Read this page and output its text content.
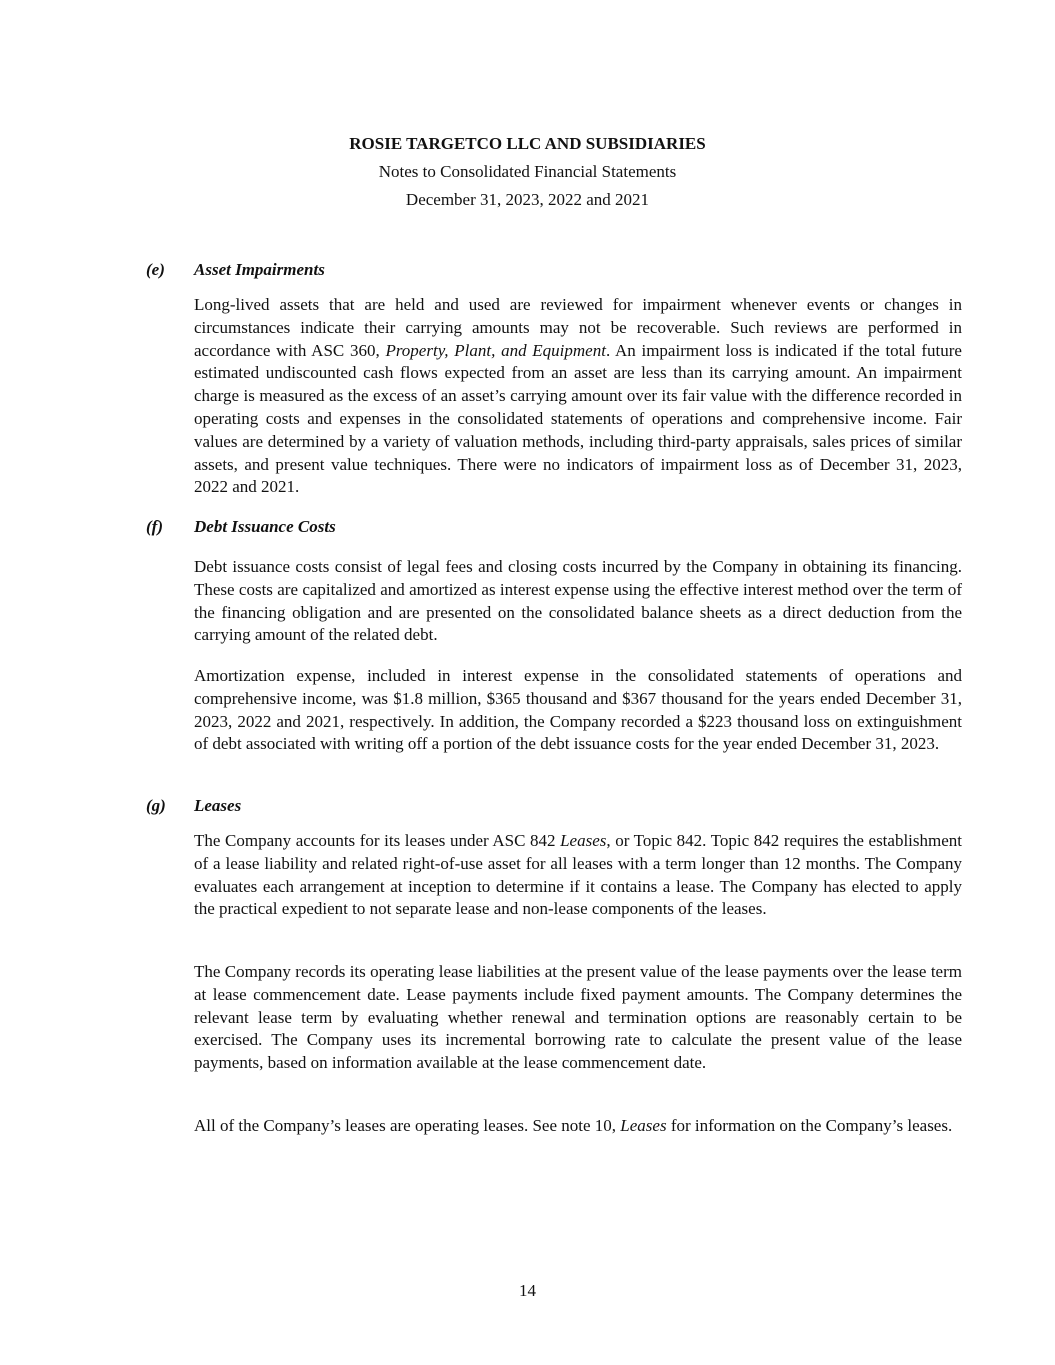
ROSIE TARGETCO LLC AND SUBSIDIARIES
Notes to Consolidated Financial Statements
December 31, 2023, 2022 and 2021
(e) Asset Impairments

Long-lived assets that are held and used are reviewed for impairment whenever events or changes in circumstances indicate their carrying amounts may not be recoverable. Such reviews are performed in accordance with ASC 360, Property, Plant, and Equipment. An impairment loss is indicated if the total future estimated undiscounted cash flows expected from an asset are less than its carrying amount. An impairment charge is measured as the excess of an asset’s carrying amount over its fair value with the difference recorded in operating costs and expenses in the consolidated statements of operations and comprehensive income. Fair values are determined by a variety of valuation methods, including third-party appraisals, sales prices of similar assets, and present value techniques. There were no indicators of impairment loss as of December 31, 2023, 2022 and 2021.

(f) Debt Issuance Costs

Debt issuance costs consist of legal fees and closing costs incurred by the Company in obtaining its financing. These costs are capitalized and amortized as interest expense using the effective interest method over the term of the financing obligation and are presented on the consolidated balance sheets as a direct deduction from the carrying amount of the related debt.

Amortization expense, included in interest expense in the consolidated statements of operations and comprehensive income, was $1.8 million, $365 thousand and $367 thousand for the years ended December 31, 2023, 2022 and 2021, respectively. In addition, the Company recorded a $223 thousand loss on extinguishment of debt associated with writing off a portion of the debt issuance costs for the year ended December 31, 2023.

(g) Leases

The Company accounts for its leases under ASC 842 Leases, or Topic 842. Topic 842 requires the establishment of a lease liability and related right-of-use asset for all leases with a term longer than 12 months. The Company evaluates each arrangement at inception to determine if it contains a lease. The Company has elected to apply the practical expedient to not separate lease and non-lease components of the leases.

The Company records its operating lease liabilities at the present value of the lease payments over the lease term at lease commencement date. Lease payments include fixed payment amounts. The Company determines the relevant lease term by evaluating whether renewal and termination options are reasonably certain to be exercised. The Company uses its incremental borrowing rate to calculate the present value of the lease payments, based on information available at the lease commencement date.

All of the Company’s leases are operating leases. See note 10, Leases for information on the Company’s leases.

14
